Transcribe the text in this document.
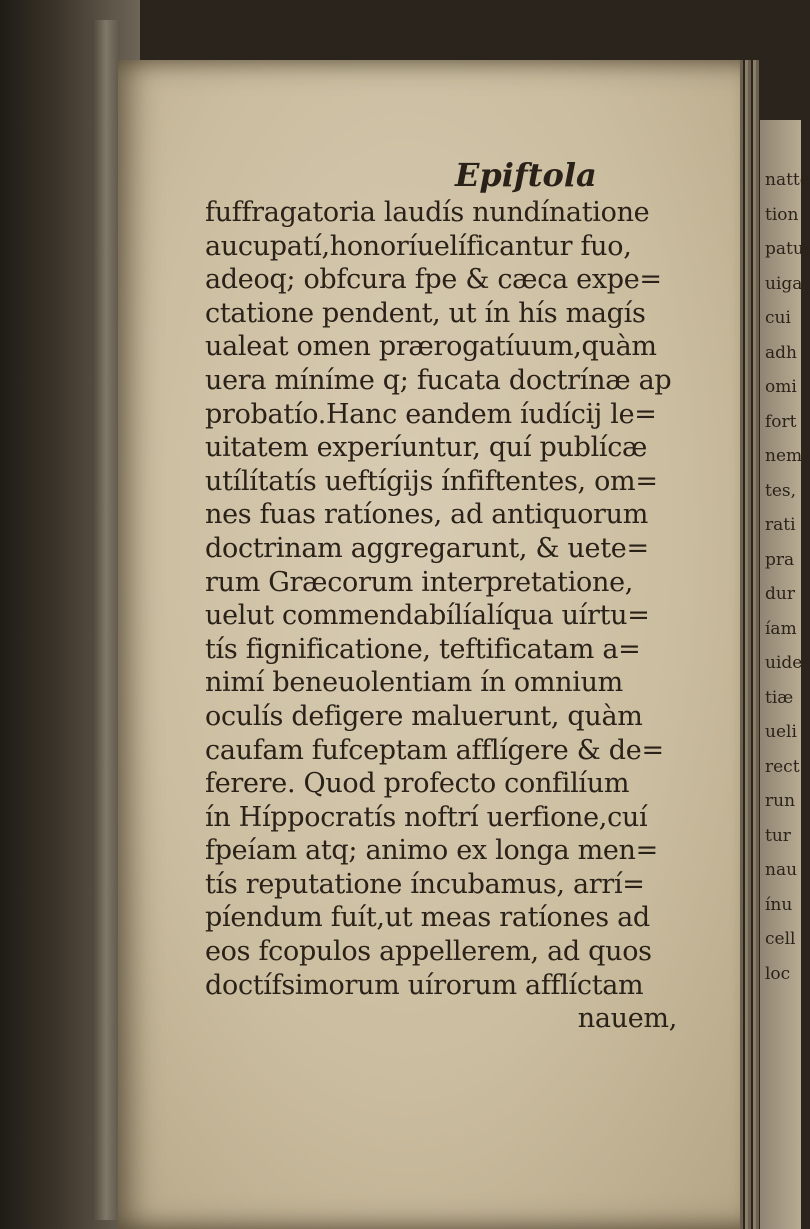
Epiftola
fuffragatoria laudís nundínatione
aucupatí,honoríuelíficantur fuo,
adeoq; obfcura fpe & cæca expe=
ctatione pendent, ut ín hís magís
ualeat omen prærogatíuum,quàm
uera míníme q; fucata doctrínæ ap
probatío.Hanc eandem íudícij le=
uitatem experíuntur, quí publícæ
utílítatís ueftígijs ínfiftentes, om=
nes fuas ratíones, ad antiquorum
doctrinam aggregarunt, & uete=
rum Græcorum interpretatione,
uelut commendabílíalíqua uírtu=
tís fignificatione, teftificatam a=
nimí beneuolentiam ín omnium
oculís defigere maluerunt, quàm
caufam fufceptam afflígere & de=
ferere. Quod profecto confilíum
ín Híppocratís noftrí uerfione,cuí
fpeíam atq; animo ex longa men=
tís reputatione íncubamus, arrí=
píendum fuít,ut meas ratíones ad
eos fcopulos appellerem, ad quos
doctífsimorum uírorum afflíctam
nauem,
natte
tion
patu
uiga
cui
adh
omi
fort
nem
tes,
rati
pra
dur
íam
uide
tiæ
ueli
rect
run
tur
nau
ínu
cell
loc
